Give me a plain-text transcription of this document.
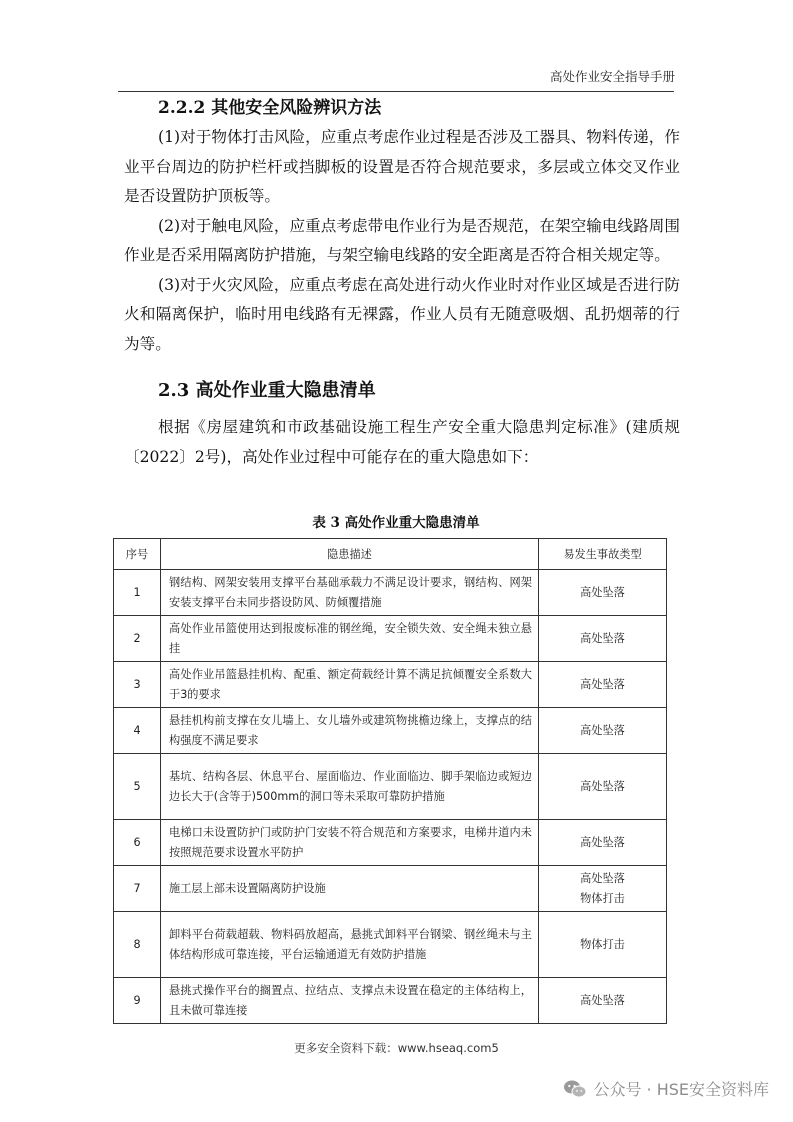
高处作业安全指导手册
2.2.2 其他安全风险辨识方法

(1)对于物体打击风险，应重点考虑作业过程是否涉及工器具、物料传递，作业平台周边的防护栏杆或挡脚板的设置是否符合规范要求，多层或立体交叉作业是否设置防护顶板等。

(2)对于触电风险，应重点考虑带电作业行为是否规范，在架空输电线路周围作业是否采用隔离防护措施，与架空输电线路的安全距离是否符合相关规定等。

(3)对于火灾风险，应重点考虑在高处进行动火作业时对作业区域是否进行防火和隔离保护，临时用电线路有无裸露，作业人员有无随意吸烟、乱扔烟蒂的行为等。

2.3 高处作业重大隐患清单

根据《房屋建筑和市政基础设施工程生产安全重大隐患判定标准》(建质规〔2022〕2号)，高处作业过程中可能存在的重大隐患如下：

表 3 高处作业重大隐患清单
序号	隐患描述	易发生事故类型
1	钢结构、网架安装用支撑平台基础承载力不满足设计要求，钢结构、网架安装支撑平台未同步搭设防风、防倾覆措施	高处坠落

2	高处作业吊篮使用达到报废标准的钢丝绳，安全锁失效、安全绳未独立悬挂	高处坠落

3	高处作业吊篮悬挂机构、配重、额定荷载经计算不满足抗倾覆安全系数大于3的要求	高处坠落

4	悬挂机构前支撑在女儿墙上、女儿墙外或建筑物挑檐边缘上，支撑点的结构强度不满足要求	高处坠落

5	基坑、结构各层、休息平台、屋面临边、作业面临边、脚手架临边或短边边长大于(含等于)500mm的洞口等未采取可靠防护措施	高处坠落

6	电梯口未设置防护门或防护门安装不符合规范和方案要求，电梯井道内未按照规范要求设置水平防护	高处坠落

7	施工层上部未设置隔离防护设施	高处坠落
物体打击

8	卸料平台荷载超载、物料码放超高，悬挑式卸料平台钢梁、钢丝绳未与主体结构形成可靠连接，平台运输通道无有效防护措施	物体打击

9	悬挑式操作平台的搁置点、拉结点、支撑点未设置在稳定的主体结构上，且未做可靠连接	高处坠落
更多安全资料下载：www.hseaq.com5
公众号 · HSE安全资料库
